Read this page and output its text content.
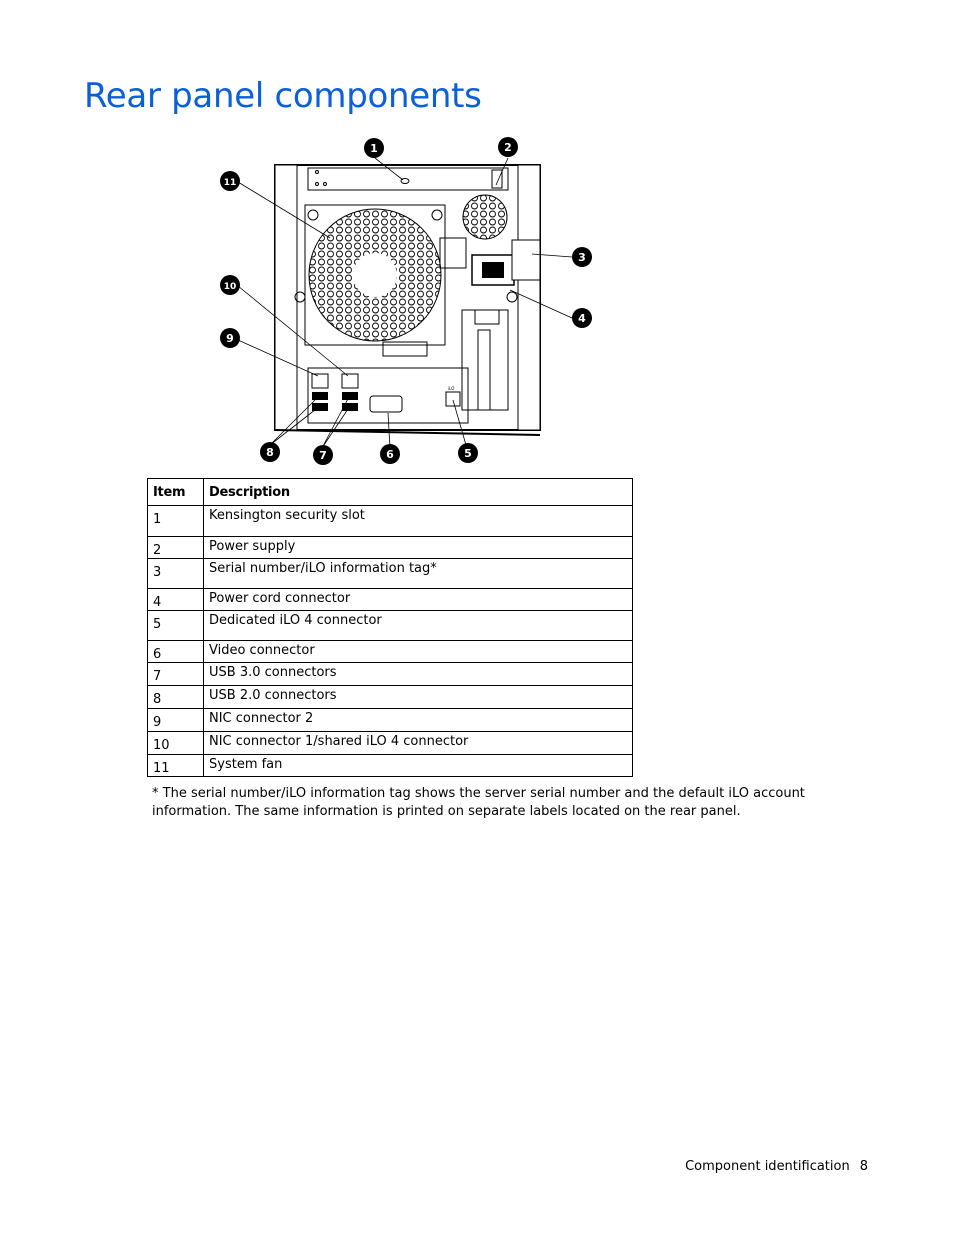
Rear panel components
iLO
1	2
3
4
5
6
7
8
9
10
11
Item	Description
1	Kensington security slot
2	Power supply
3	Serial number/iLO information tag*
4	Power cord connector
5	Dedicated iLO 4 connector
6	Video connector
7	USB 3.0 connectors
8	USB 2.0 connectors
9	NIC connector 2
10	NIC connector 1/shared iLO 4 connector
11	System fan
* The serial number/iLO information tag shows the server serial number and the default iLO account information. The same information is printed on separate labels located on the rear panel.
Component identification 8
